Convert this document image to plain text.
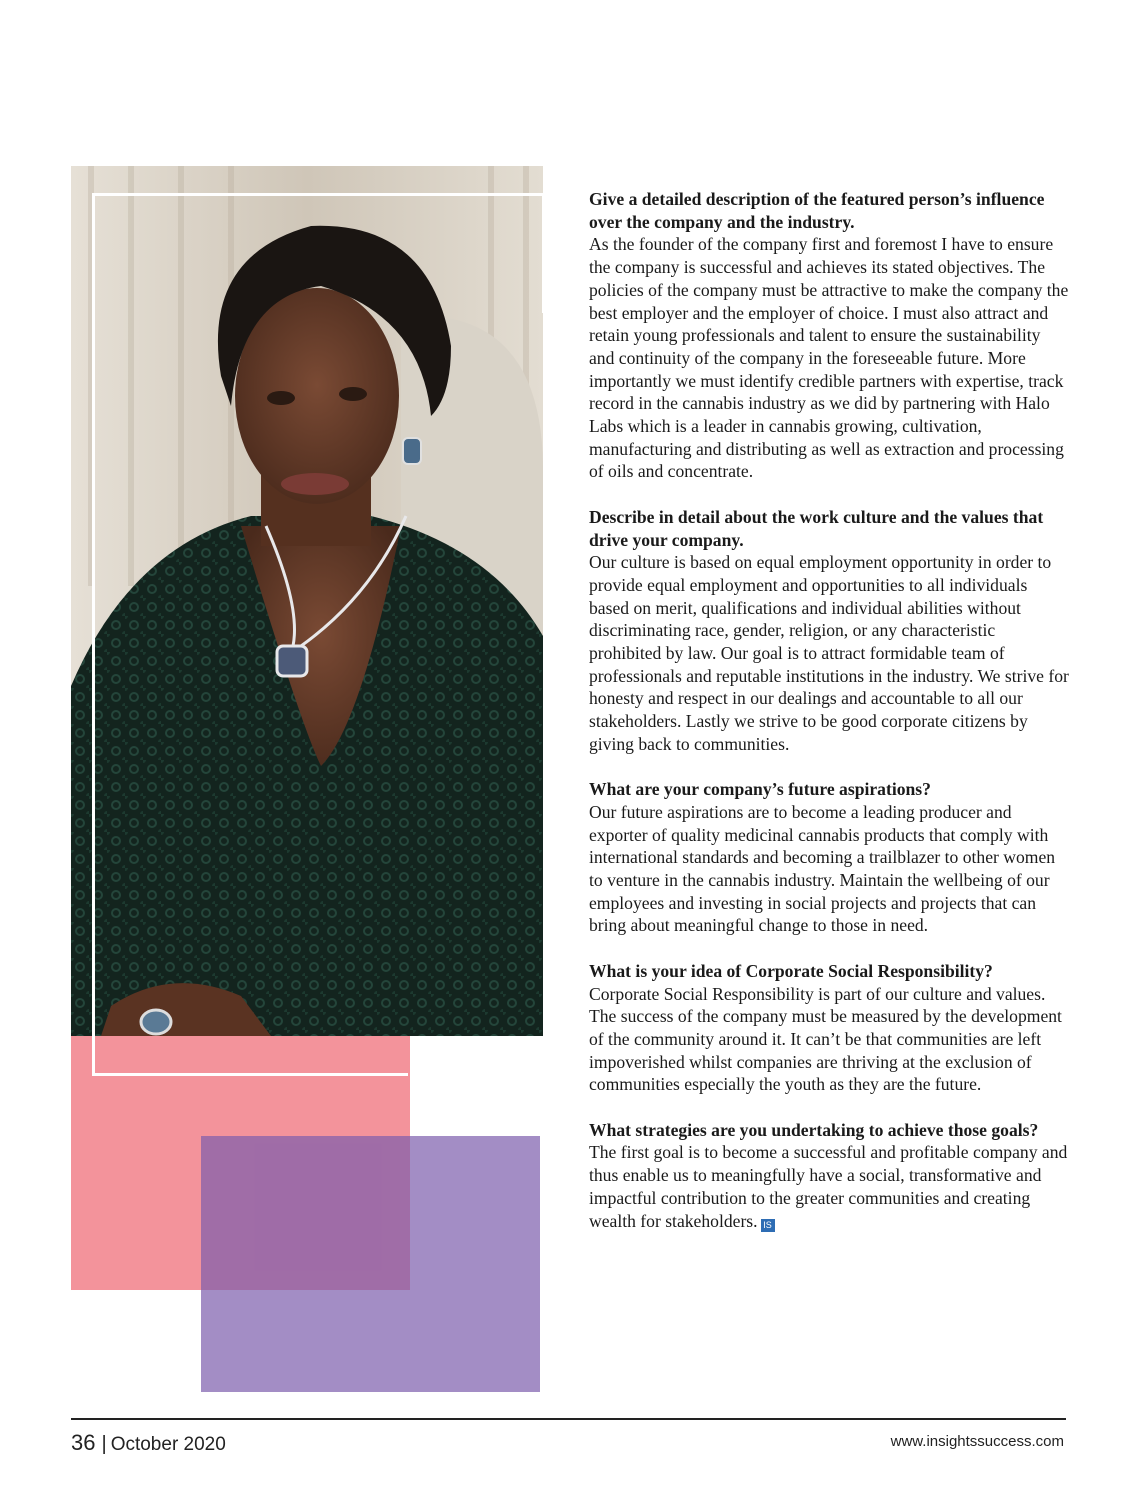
Give a detailed description of the featured person’s influence over the company and the industry.

As the founder of the company first and foremost I have to ensure the company is successful and achieves its stated objectives. The policies of the company must be attractive to make the company the best employer and the employer of choice. I must also attract and retain young professionals and talent to ensure the sustainability and continuity of the company in the foreseeable future. More importantly we must identify credible partners with expertise, track record in the cannabis industry as we did by partnering with Halo Labs which is a leader in cannabis growing, cultivation, manufacturing and distributing as well as extraction and processing of oils and concentrate.

Describe in detail about the work culture and the values that drive your company.

Our culture is based on equal employment opportunity in order to provide equal employment and opportunities to all individuals based on merit, qualifications and individual abilities without discriminating race, gender, religion, or any characteristic prohibited by law. Our goal is to attract formidable team of professionals and reputable institutions in the industry. We strive for honesty and respect in our dealings and accountable to all our stakeholders. Lastly we strive to be good corporate citizens by giving back to communities.

What are your company’s future aspirations?

Our future aspirations are to become a leading producer and exporter of quality medicinal cannabis products that comply with international standards and becoming a trailblazer to other women to venture in the cannabis industry. Maintain the wellbeing of our employees and investing in social projects and projects that can bring about meaningful change to those in need.

What is your idea of Corporate Social Responsibility?

Corporate Social Responsibility is part of our culture and values. The success of the company must be measured by the development of the community around it. It can’t be that communities are left impoverished whilst companies are thriving at the exclusion of communities especially the youth as they are the future.

What strategies are you undertaking to achieve those goals?

The first goal is to become a successful and profitable company and thus enable us to meaningfully have a social, transformative and impactful contribution to the greater communities and creating wealth for stakeholders. IS

36 | October 2020	www.insightssuccess.com
